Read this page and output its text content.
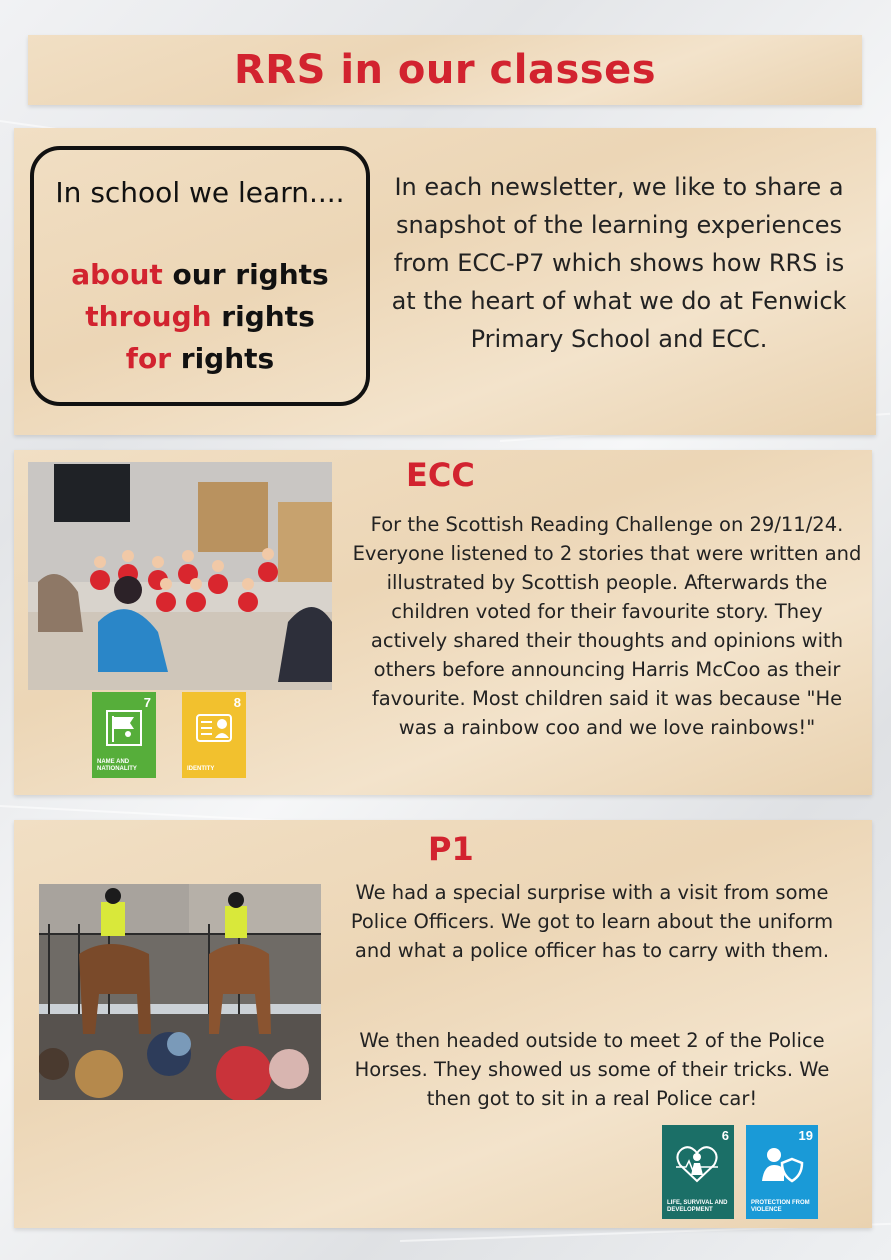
RRS in our classes
In school we learn....
about our rights
through rights
for rights
In each newsletter, we like to share a snapshot of the learning experiences from ECC-P7 which shows how RRS is at the heart of what we do at Fenwick Primary School and ECC.
7
NAME AND NATIONALITY
8
IDENTITY
ECC
For the Scottish Reading Challenge on 29/11/24. Everyone listened to 2 stories that were written and illustrated by Scottish people. Afterwards the children voted for their favourite story. They actively shared their thoughts and opinions with others before announcing Harris McCoo as their favourite. Most children said it was because "He was a rainbow coo and we love rainbows!"
P1
We had a special surprise with a visit from some Police Officers. We got to learn about the uniform and what a police officer has to carry with them.
We then headed outside to meet 2 of the Police Horses. They showed us some of their tricks. We then got to sit in a real Police car!
6
LIFE, SURVIVAL AND DEVELOPMENT
19
PROTECTION FROM VIOLENCE
